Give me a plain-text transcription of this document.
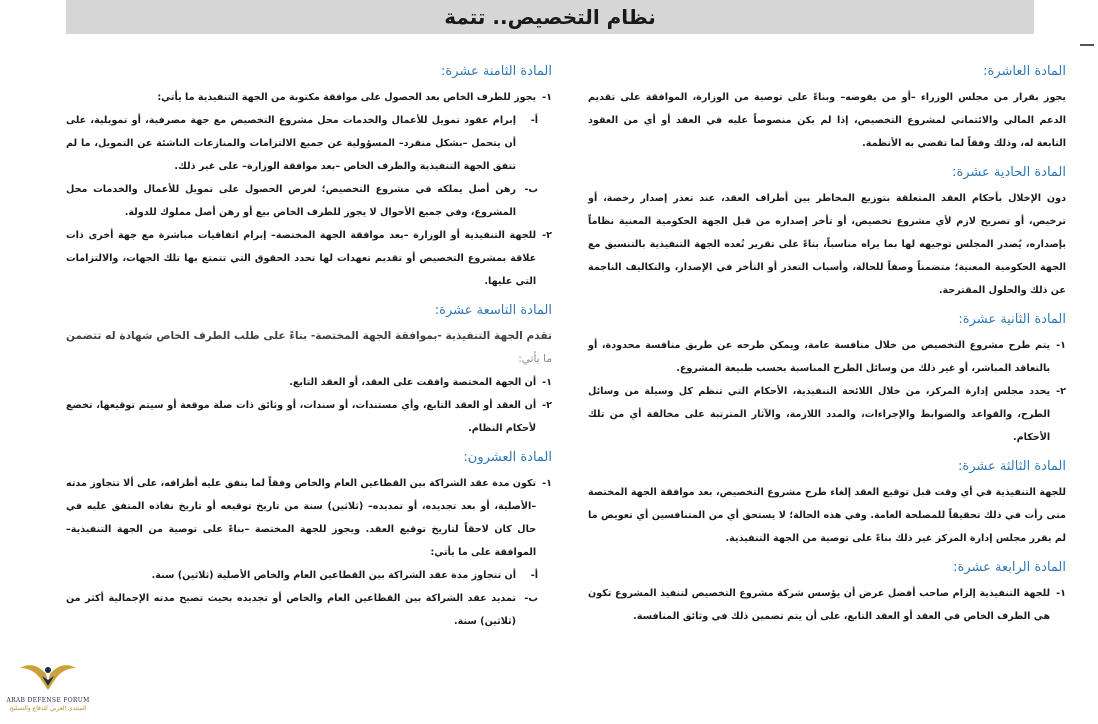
نظام التخصيص.. تتمة
المادة العاشرة:

يجوز بقرار من مجلس الوزراء –أو من يفوضه– وبناءً على توصية من الوزارة، الموافقة على تقديم الدعم المالي والائتماني لمشروع التخصيص، إذا لم يكن منصوصاً عليه في العقد أو أي من العقود التابعة له، وذلك وفقاً لما تقضي به الأنظمة.

المادة الحادية عشرة:

دون الإخلال بأحكام العقد المتعلقة بتوزيع المخاطر بين أطراف العقد، عند تعذر إصدار رخصة، أو ترخيص، أو تصريح لازم لأي مشروع تخصيص، أو تأخر إصداره من قبل الجهة الحكومية المعنية نظاماً بإصداره، يُصدر المجلس توجيهه لها بما يراه مناسباً، بناءً على تقرير تُعده الجهة التنفيذية بالتنسيق مع الجهة الحكومية المعنية؛ متضمناً وصفاً للحالة، وأسباب التعذر أو التأخر في الإصدار، والتكاليف الناجمة عن ذلك والحلول المقترحة.

المادة الثانية عشرة:
١-

يتم طرح مشروع التخصيص من خلال منافسة عامة، ويمكن طرحه عن طريق منافسة محدودة، أو بالتعاقد المباشر، أو غير ذلك من وسائل الطرح المناسبة بحسب طبيعة المشروع.

٢-

يحدد مجلس إدارة المركز، من خلال اللائحة التنفيذية، الأحكام التي تنظم كل وسيلة من وسائل الطرح، والقواعد والضوابط والإجراءات، والمدد اللازمة، والآثار المترتبة على مخالفة أي من تلك الأحكام.

المادة الثالثة عشرة:

للجهة التنفيذية في أي وقت قبل توقيع العقد إلغاء طرح مشروع التخصيص، بعد موافقة الجهة المختصة متى رأت في ذلك تحقيقاً للمصلحة العامة. وفي هذه الحالة؛ لا يستحق أي من المتنافسين أي تعويض ما لم يقرر مجلس إدارة المركز غير ذلك بناءً على توصية من الجهة التنفيذية.

المادة الرابعة عشرة:
١-

للجهة التنفيذية إلزام صاحب أفضل عرض أن يؤسس شركة مشروع التخصيص لتنفيذ المشروع تكون هي الطرف الخاص في العقد أو العقد التابع، على أن يتم تضمين ذلك في وثائق المنافسة.

المادة الثامنة عشرة:
١-

يجوز للطرف الخاص بعد الحصول على موافقة مكتوبة من الجهة التنفيذية ما يأتي:

أ-

إبرام عقود تمويل للأعمال والخدمات محل مشروع التخصيص مع جهة مصرفية، أو تمويلية، على أن يتحمل –بشكل منفرد– المسؤولية عن جميع الالتزامات والمنازعات الناشئة عن التمويل، ما لم تتفق الجهة التنفيذية والطرف الخاص –بعد موافقة الوزارة– على غير ذلك.

ب-

رهن أصل يملكه في مشروع التخصيص؛ لغرض الحصول على تمويل للأعمال والخدمات محل المشروع، وفي جميع الأحوال لا يجوز للطرف الخاص بيع أو رهن أصل مملوك للدولة.

٢-

للجهة التنفيذية أو الوزارة –بعد موافقة الجهة المختصة– إبرام اتفاقيات مباشرة مع جهة أخرى ذات علاقة بمشروع التخصيص أو تقديم تعهدات لها تحدد الحقوق التي تتمتع بها تلك الجهات، والالتزامات التي عليها.

المادة التاسعة عشرة:

تقدم الجهة التنفيذية -بموافقة الجهة المختصة- بناءً على طلب الطرف الخاص شهادة له تتضمن ما يأتي:

١-

أن الجهة المختصة وافقت على العقد، أو العقد التابع.

٢-

أن العقد أو العقد التابع، وأي مستندات، أو سندات، أو وثائق ذات صلة موقعة أو سيتم توقيعها، تخضع لأحكام النظام.

المادة العشرون:
١-

تكون مدة عقد الشراكة بين القطاعين العام والخاص وفقاً لما يتفق عليه أطرافه، على ألا تتجاوز مدته –الأصلية، أو بعد تجديده، أو تمديده– (ثلاثين) سنة من تاريخ توقيعه أو تاريخ نفاذه المتفق عليه في حال كان لاحقاً لتاريخ توقيع العقد. ويجوز للجهة المختصة –بناءً على توصية من الجهة التنفيذية– الموافقة على ما يأتي:

أ-

أن تتجاوز مدة عقد الشراكة بين القطاعين العام والخاص الأصلية (ثلاثين) سنة.

ب-

تمديد عقد الشراكة بين القطاعين العام والخاص أو تجديده بحيث تصبح مدته الإجمالية أكثر من (ثلاثين) سنة.

ARAB DEFENSE FORUM
المنتدى العربي للدفاع والتسليح
